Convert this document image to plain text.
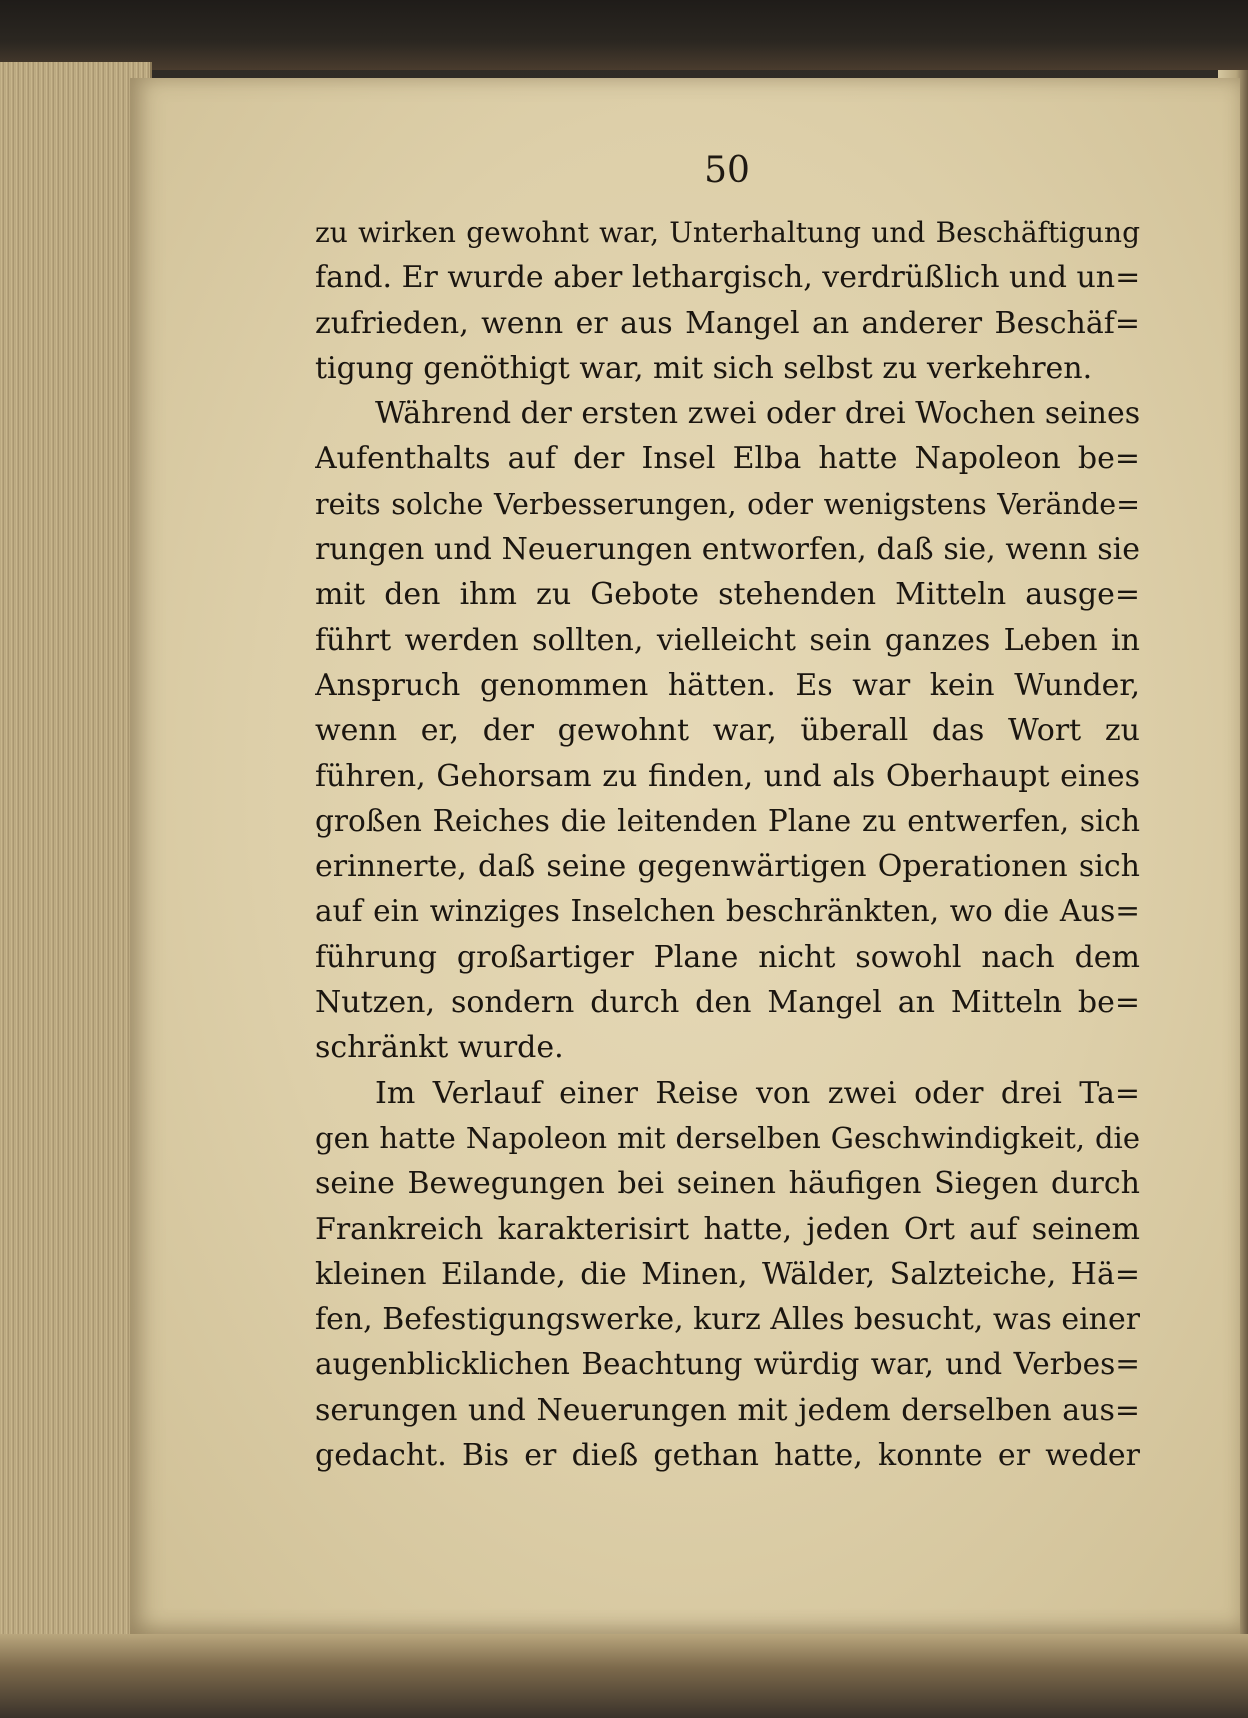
50
zu wirken gewohnt war, Unterhaltung und Beschäftigung
fand. Er wurde aber lethargisch, verdrüßlich und un=
zufrieden, wenn er aus Mangel an anderer Beschäf=
tigung genöthigt war, mit sich selbst zu verkehren.
Während der ersten zwei oder drei Wochen seines
Aufenthalts auf der Insel Elba hatte Napoleon be=
reits solche Verbesserungen, oder wenigstens Verände=
rungen und Neuerungen entworfen, daß sie, wenn sie
mit den ihm zu Gebote stehenden Mitteln ausge=
führt werden sollten, vielleicht sein ganzes Leben in
Anspruch genommen hätten. Es war kein Wunder,
wenn er, der gewohnt war, überall das Wort zu
führen, Gehorsam zu finden, und als Oberhaupt eines
großen Reiches die leitenden Plane zu entwerfen, sich
erinnerte, daß seine gegenwärtigen Operationen sich
auf ein winziges Inselchen beschränkten, wo die Aus=
führung großartiger Plane nicht sowohl nach dem
Nutzen, sondern durch den Mangel an Mitteln be=
schränkt wurde.
Im Verlauf einer Reise von zwei oder drei Ta=
gen hatte Napoleon mit derselben Geschwindigkeit, die
seine Bewegungen bei seinen häufigen Siegen durch
Frankreich karakterisirt hatte, jeden Ort auf seinem
kleinen Eilande, die Minen, Wälder, Salzteiche, Hä=
fen, Befestigungswerke, kurz Alles besucht, was einer
augenblicklichen Beachtung würdig war, und Verbes=
serungen und Neuerungen mit jedem derselben aus=
gedacht. Bis er dieß gethan hatte, konnte er weder
